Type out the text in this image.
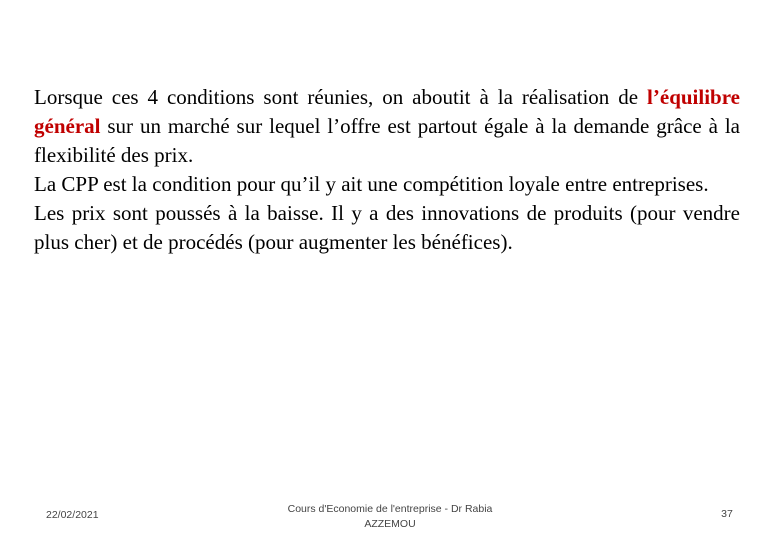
Lorsque ces 4 conditions sont réunies, on aboutit à la réalisation de l’équilibre général sur un marché sur lequel l’offre est partout égale à la demande grâce à la flexibilité des prix.

La CPP est la condition pour qu’il y ait une compétition loyale entre entreprises.

Les prix sont poussés à la baisse. Il y a des innovations de produits (pour vendre plus cher) et de procédés (pour augmenter les bénéfices).

22/02/2021	Cours d'Economie de l'entreprise - Dr Rabia
AZZEMOU
37
